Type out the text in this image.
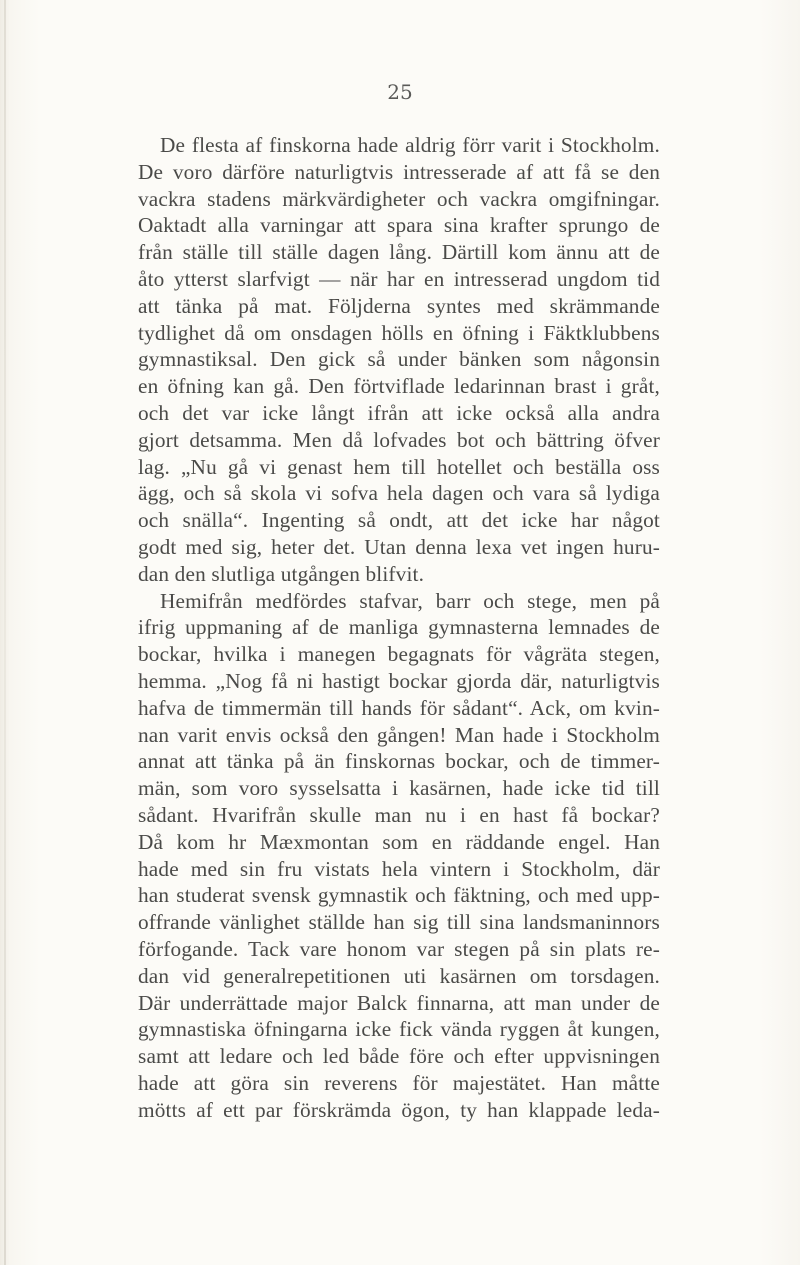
25
De flesta af finskorna hade aldrig förr varit i Stockholm.
De voro därföre naturligtvis intresserade af att få se den
vackra stadens märkvärdigheter och vackra omgifningar.
Oaktadt alla varningar att spara sina krafter sprungo de
från ställe till ställe dagen lång. Därtill kom ännu att de
åto ytterst slarfvigt — när har en intresserad ungdom tid
att tänka på mat. Följderna syntes med skrämmande
tydlighet då om onsdagen hölls en öfning i Fäktklubbens
gymnastiksal. Den gick så under bänken som någonsin
en öfning kan gå. Den förtviflade ledarinnan brast i gråt,
och det var icke långt ifrån att icke också alla andra
gjort detsamma. Men då lofvades bot och bättring öfver
lag. „Nu gå vi genast hem till hotellet och beställa oss
ägg, och så skola vi sofva hela dagen och vara så lydiga
och snälla“. Ingenting så ondt, att det icke har något
godt med sig, heter det. Utan denna lexa vet ingen huru-
dan den slutliga utgången blifvit.
Hemifrån medfördes stafvar, barr och stege, men på
ifrig uppmaning af de manliga gymnasterna lemnades de
bockar, hvilka i manegen begagnats för vågräta stegen,
hemma. „Nog få ni hastigt bockar gjorda där, naturligtvis
hafva de timmermän till hands för sådant“. Ack, om kvin-
nan varit envis också den gången! Man hade i Stockholm
annat att tänka på än finskornas bockar, och de timmer-
män, som voro sysselsatta i kasärnen, hade icke tid till
sådant. Hvarifrån skulle man nu i en hast få bockar?
Då kom hr Mæxmontan som en räddande engel. Han
hade med sin fru vistats hela vintern i Stockholm, där
han studerat svensk gymnastik och fäktning, och med upp-
offrande vänlighet ställde han sig till sina landsmaninnors
förfogande. Tack vare honom var stegen på sin plats re-
dan vid generalrepetitionen uti kasärnen om torsdagen.
Där underrättade major Balck finnarna, att man under de
gymnastiska öfningarna icke fick vända ryggen åt kungen,
samt att ledare och led både före och efter uppvisningen
hade att göra sin reverens för majestätet. Han måtte
mötts af ett par förskrämda ögon, ty han klappade leda-
